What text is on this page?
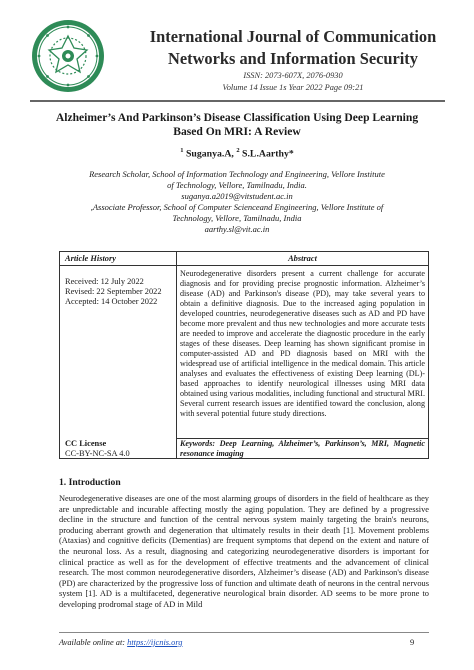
International Journal of Communication Networks and Information Security
ISSN: 2073-607X, 2076-0930
Volume 14 Issue 1s Year 2022 Page 09:21
Alzheimer’s And Parkinson’s Disease Classification Using Deep Learning Based On MRI: A Review
$^1$ Suganya.A, $^2$ S.L.Aarthy*
Research Scholar, School of Information Technology and Engineering, Vellore Institute
of Technology, Vellore, Tamilnadu, India.
suganya.a2019@vitstudent.ac.in
,Associate Professor, School of Computer Scienceand Engineering, Vellore Institute of
Technology, Vellore, Tamilnadu, India
aarthy.sl@vit.ac.in
Article History	Abstract
Received: 12 July 2022
Revised: 22 September 2022
Accepted: 14 October 2022
Neurodegenerative disorders present a current challenge for accurate diagnosis and for providing precise prognostic information. Alzheimer’s disease (AD) and Parkinson's disease (PD), may take several years to obtain a definitive diagnosis. Due to the increased aging population in developed countries, neurodegenerative diseases such as AD and PD have become more prevalent and thus new technologies and more accurate tests are needed to improve and accelerate the diagnostic procedure in the early stages of these diseases. Deep learning has shown significant promise in computer-assisted AD and PD diagnosis based on MRI with the widespread use of artificial intelligence in the medical domain. This article analyses and evaluates the effectiveness of existing Deep learning (DL)-based approaches to identify neurological illnesses using MRI data obtained using various modalities, including functional and structural MRI. Several current research issues are identified toward the conclusion, along with several potential future study directions.
Keywords: Deep Learning, Alzheimer’s, Parkinson’s, MRI, Magnetic resonance imaging
CC License
CC-BY-NC-SA 4.0
1. Introduction
Neurodegenerative diseases are one of the most alarming groups of disorders in the field of healthcare as they are unpredictable and incurable affecting mostly the aging population. They are defined by a progressive decline in the structure and function of the central nervous system mainly targeting the brain's neurons, producing aberrant growth and degeneration that ultimately results in their death [1]. Movement problems (Ataxias) and cognitive deficits (Dementias) are frequent symptoms that depend on the extent and nature of the neuronal loss. As a result, diagnosing and categorizing neurodegenerative disorders is important for clinical practice as well as for the development of effective treatments and the advancement of clinical research. The most common neurodegenerative disorders, Alzheimer’s disease (AD) and Parkinson's disease (PD) are characterized by the progressive loss of function and ultimate death of neurons in the central nervous system [1]. AD is a multifaceted, degenerative neurological brain disorder. AD seems to be more prone to developing prodromal stage of AD in Mild
Available online at: https://ijcnis.org	9
